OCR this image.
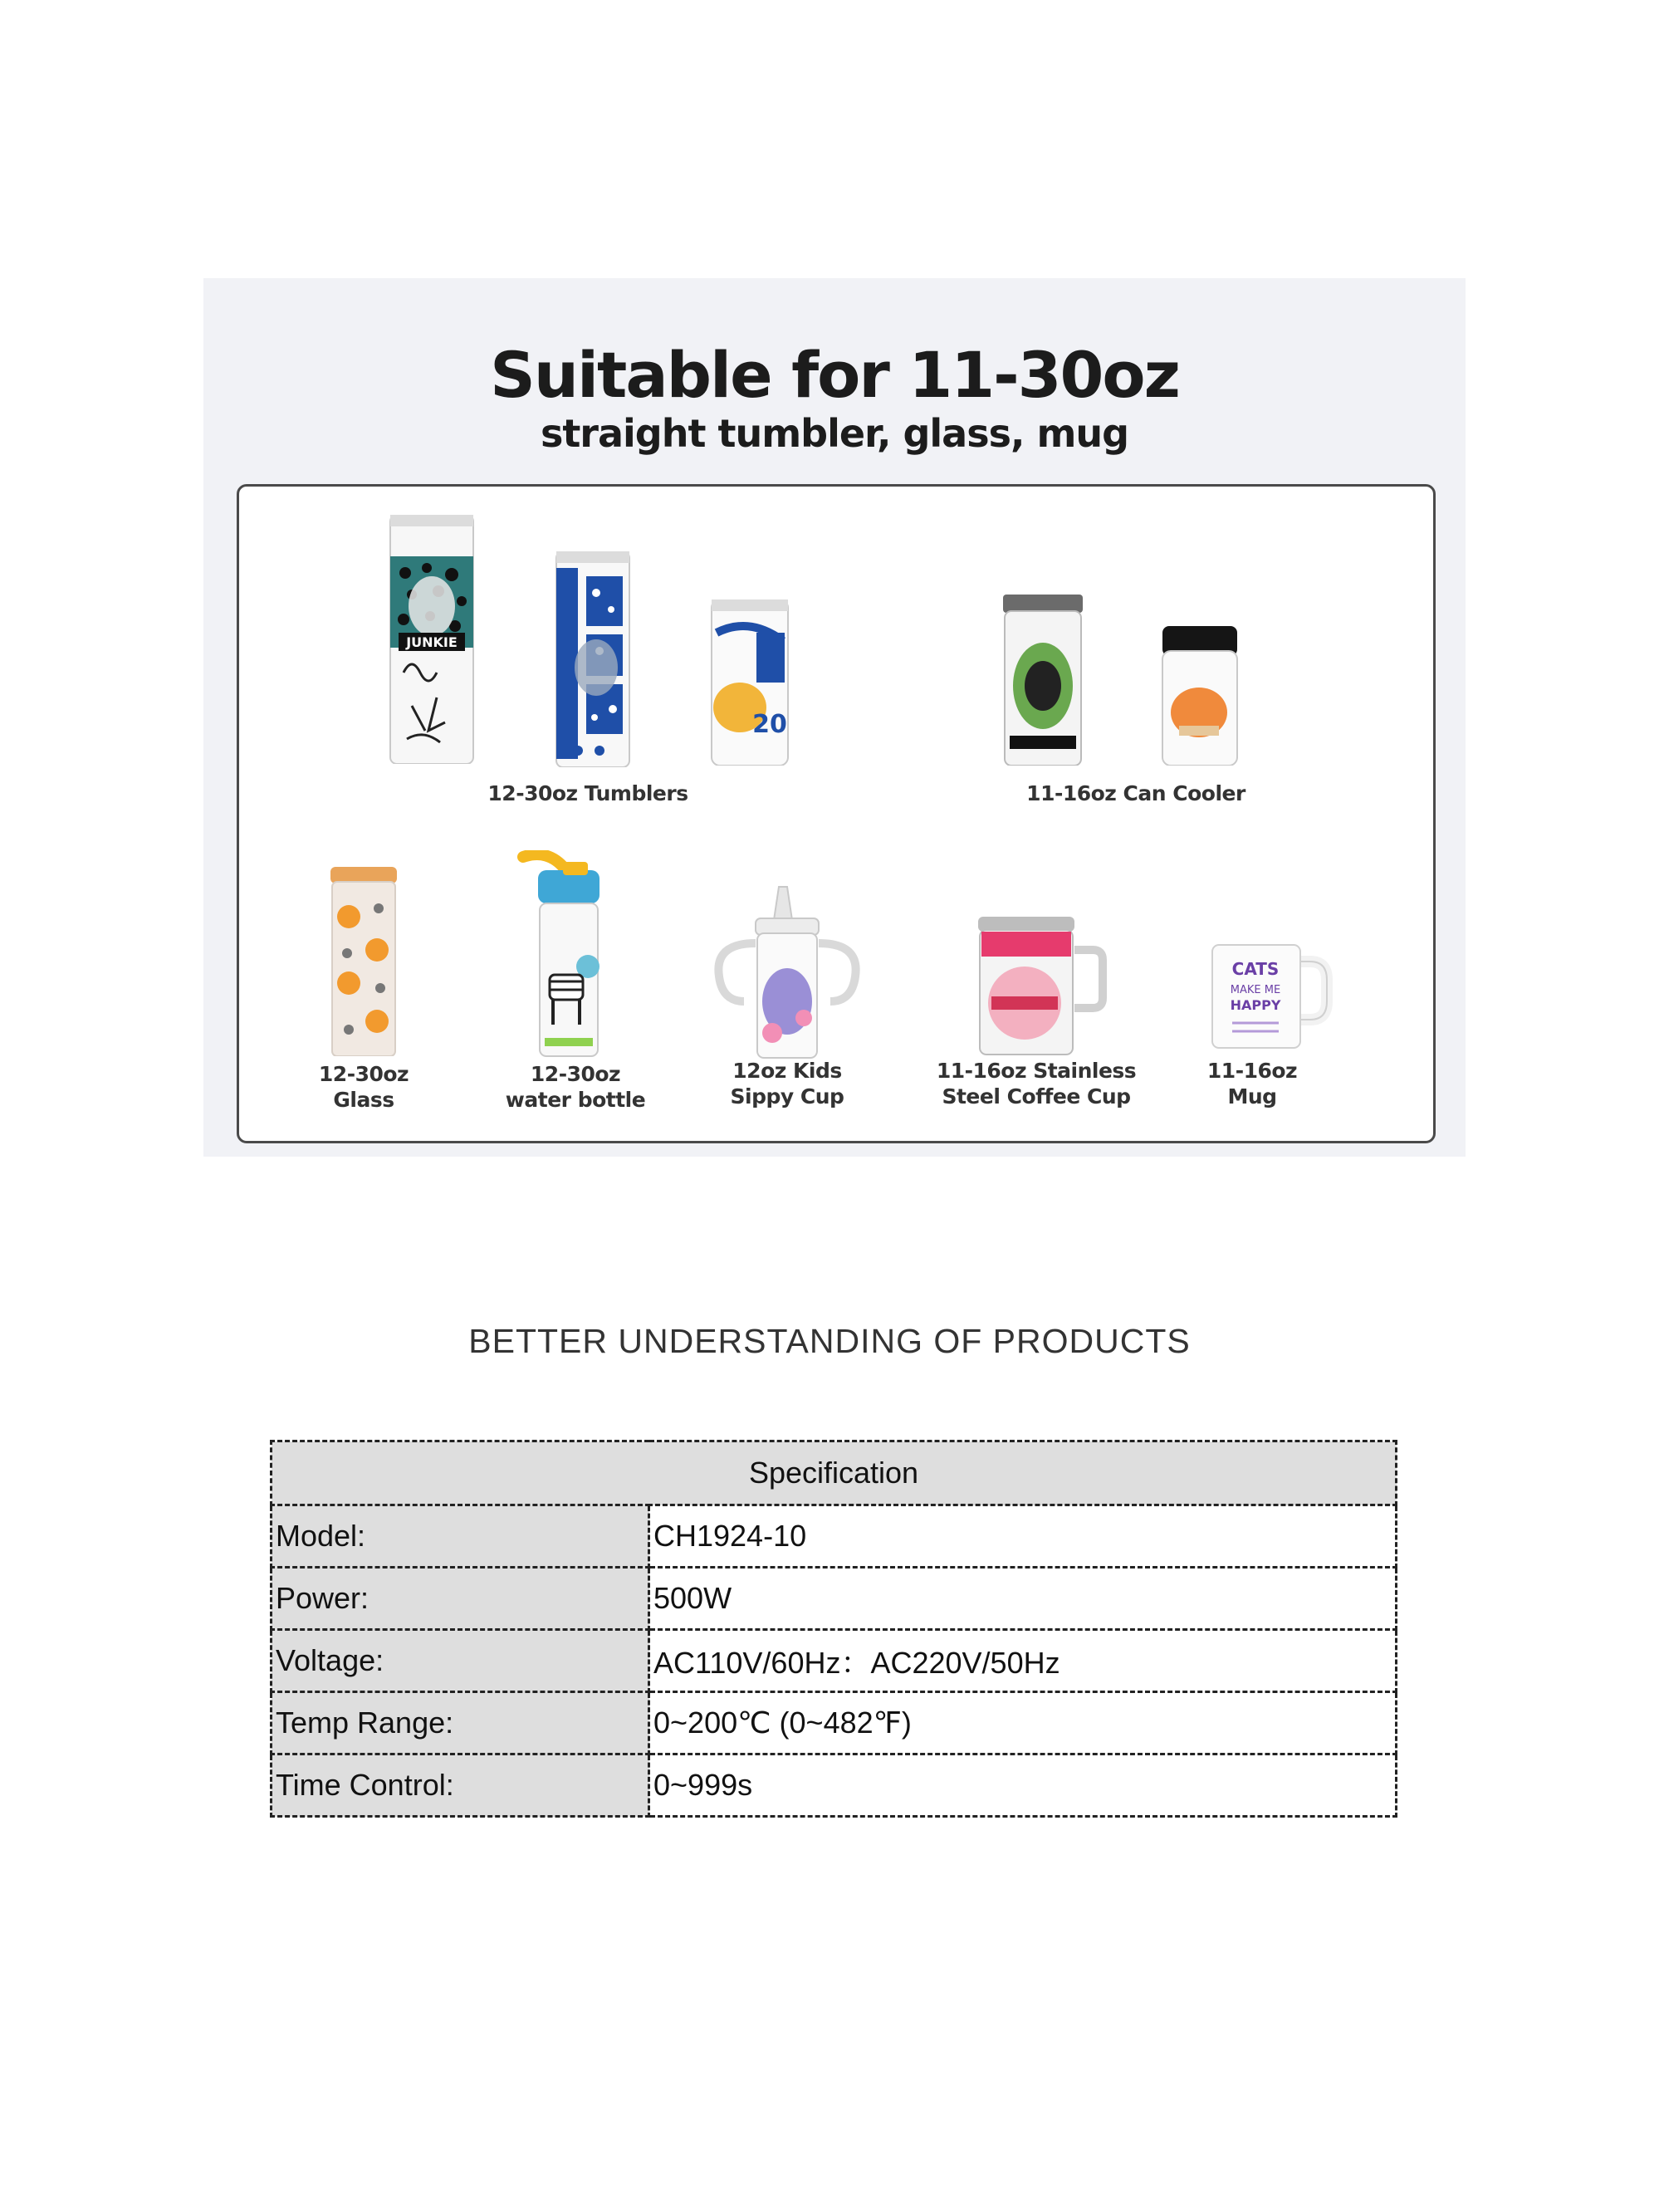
Suitable for 11-30oz
straight tumbler, glass, mug
JUNKIE
20
12-30oz Tumblers	11-16oz Can Cooler
CATS
MAKE ME
HAPPY
12-30oz
Glass
12-30oz
water bottle
12oz Kids
Sippy Cup
11-16oz Stainless
Steel Coffee Cup
11-16oz
Mug
BETTER UNDERSTANDING OF PRODUCTS
Specification	
Model:	CH1924-10
Power:	500W
Voltage:	AC110V/60Hz：AC220V/50Hz
Temp Range:	0~200℃ (0~482℉)
Time Control:	0~999s
